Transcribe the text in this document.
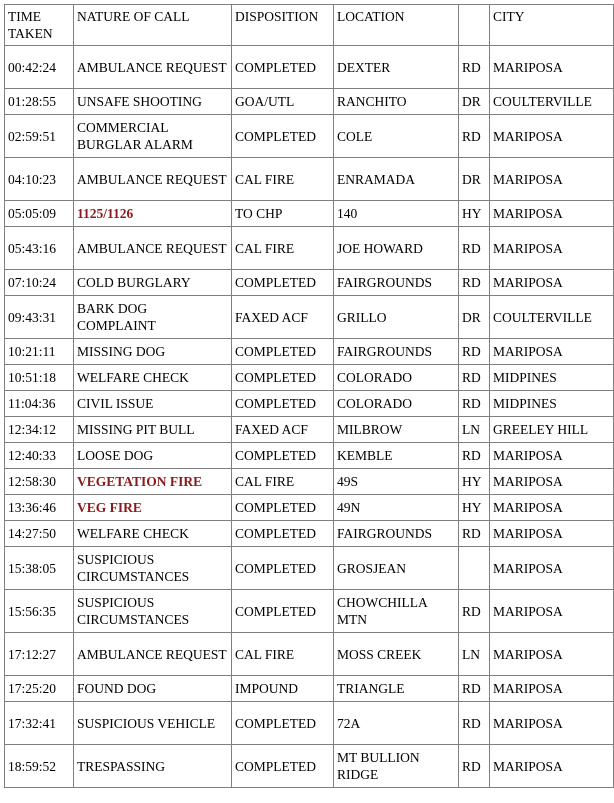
TIME TAKEN	NATURE OF CALL	DISPOSITION	LOCATION		CITY
00:42:24	AMBULANCE REQUEST	COMPLETED	DEXTER	RD	MARIPOSA
01:28:55	UNSAFE SHOOTING	GOA/UTL	RANCHITO	DR	COULTERVILLE
02:59:51	COMMERCIAL BURGLAR ALARM	COMPLETED	COLE	RD	MARIPOSA
04:10:23	AMBULANCE REQUEST	CAL FIRE	ENRAMADA	DR	MARIPOSA
05:05:09	1125/1126	TO CHP	140	HY	MARIPOSA
05:43:16	AMBULANCE REQUEST	CAL FIRE	JOE HOWARD	RD	MARIPOSA
07:10:24	COLD BURGLARY	COMPLETED	FAIRGROUNDS	RD	MARIPOSA
09:43:31	BARK DOG COMPLAINT	FAXED ACF	GRILLO	DR	COULTERVILLE
10:21:11	MISSING DOG	COMPLETED	FAIRGROUNDS	RD	MARIPOSA
10:51:18	WELFARE CHECK	COMPLETED	COLORADO	RD	MIDPINES
11:04:36	CIVIL ISSUE	COMPLETED	COLORADO	RD	MIDPINES
12:34:12	MISSING PIT BULL	FAXED ACF	MILBROW	LN	GREELEY HILL
12:40:33	LOOSE DOG	COMPLETED	KEMBLE	RD	MARIPOSA
12:58:30	VEGETATION FIRE	CAL FIRE	49S	HY	MARIPOSA
13:36:46	VEG FIRE	COMPLETED	49N	HY	MARIPOSA
14:27:50	WELFARE CHECK	COMPLETED	FAIRGROUNDS	RD	MARIPOSA
15:38:05	SUSPICIOUS CIRCUMSTANCES	COMPLETED	GROSJEAN		MARIPOSA
15:56:35	SUSPICIOUS CIRCUMSTANCES	COMPLETED	CHOWCHILLA MTN	RD	MARIPOSA
17:12:27	AMBULANCE REQUEST	CAL FIRE	MOSS CREEK	LN	MARIPOSA
17:25:20	FOUND DOG	IMPOUND	TRIANGLE	RD	MARIPOSA
17:32:41	SUSPICIOUS VEHICLE	COMPLETED	72A	RD	MARIPOSA
18:59:52	TRESPASSING	COMPLETED	MT BULLION RIDGE	RD	MARIPOSA
